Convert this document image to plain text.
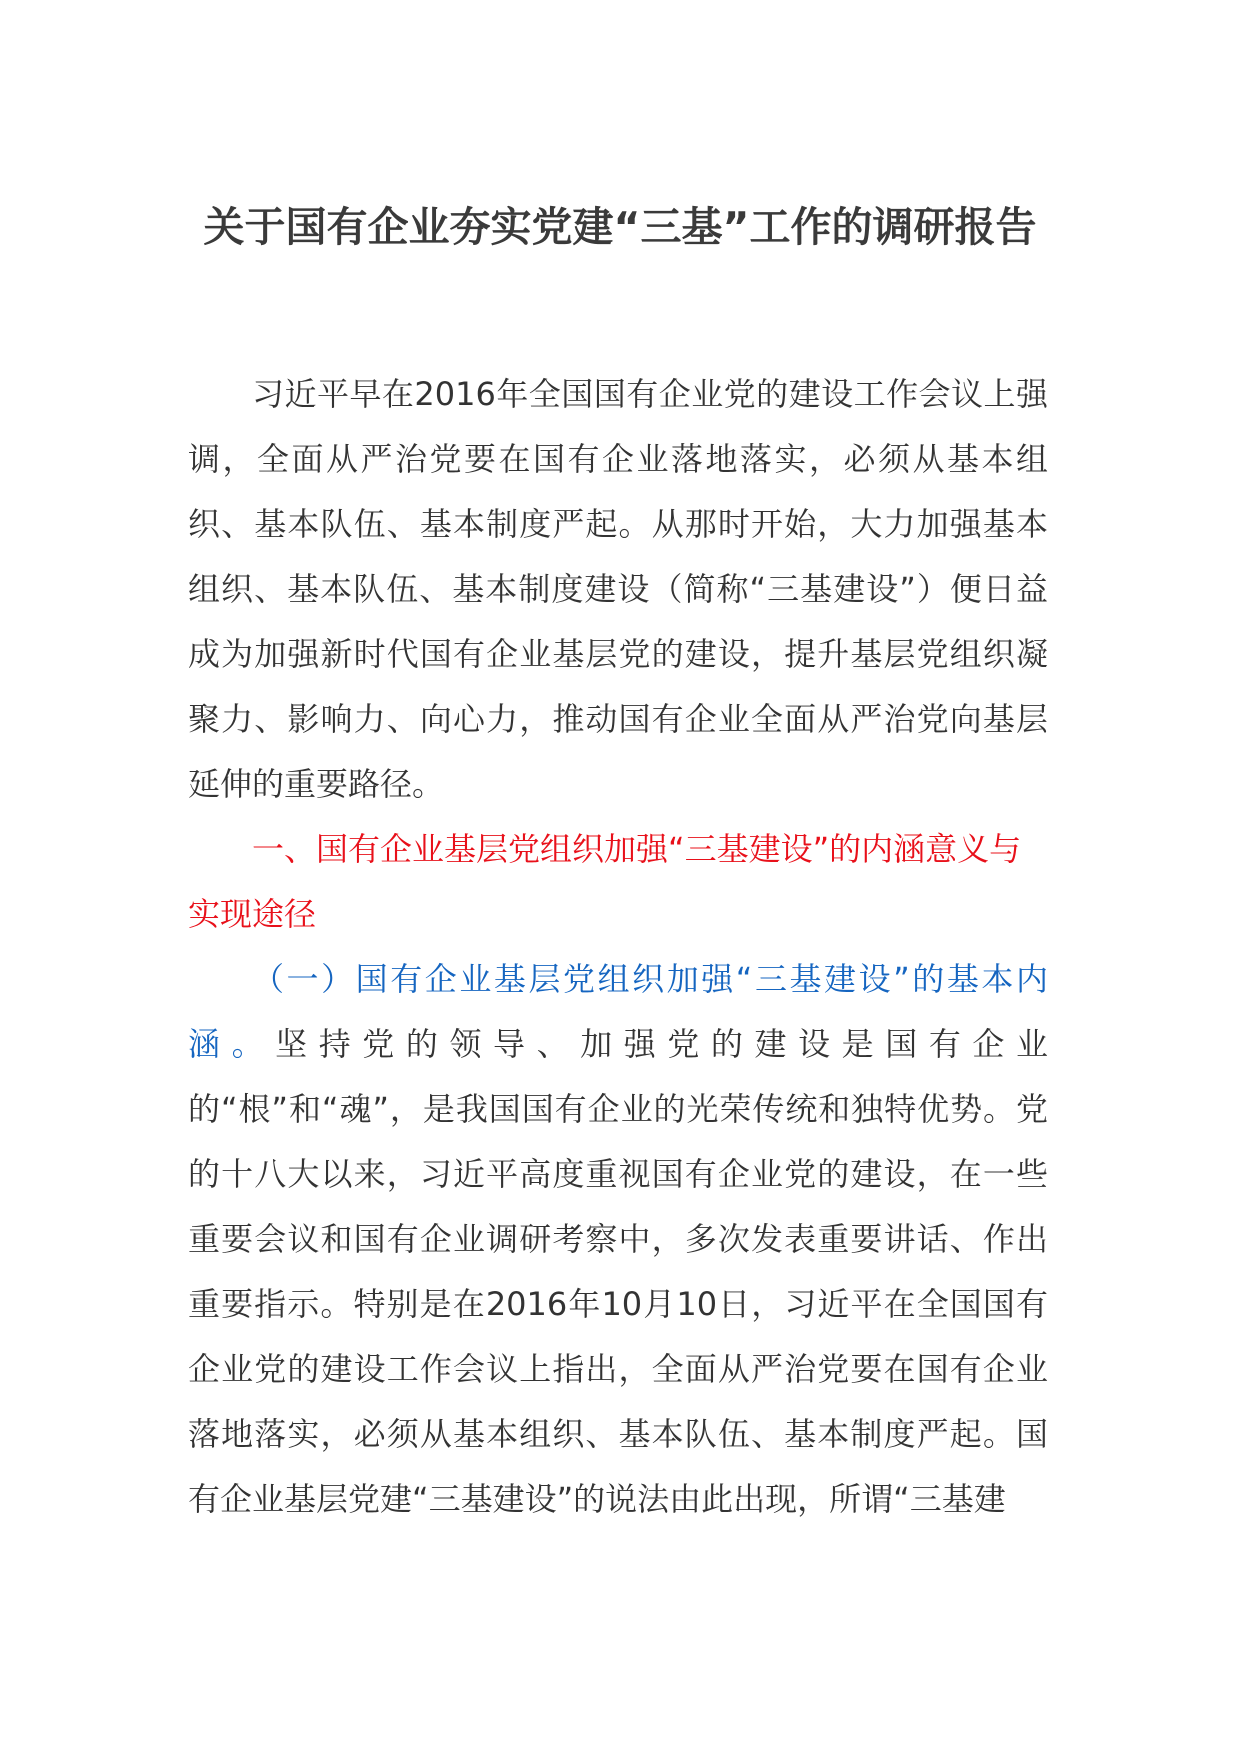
关于国有企业夯实党建“三基”工作的调研报告

习近平早在2016年全国国有企业党的建设工作会议上强调，全面从严治党要在国有企业落地落实，必须从基本组织、基本队伍、基本制度严起。从那时开始，大力加强基本组织、基本队伍、基本制度建设（简称“三基建设”）便日益成为加强新时代国有企业基层党的建设，提升基层党组织凝聚力、影响力、向心力，推动国有企业全面从严治党向基层延伸的重要路径。

一、国有企业基层党组织加强“三基建设”的内涵意义与实现途径

（一）国有企业基层党组织加强“三基建设”的基本内涵。坚持党的领导、加强党的建设是国有企业的“根”和“魂”，是我国国有企业的光荣传统和独特优势。党的十八大以来，习近平高度重视国有企业党的建设，在一些重要会议和国有企业调研考察中，多次发表重要讲话、作出重要指示。特别是在2016年10月10日，习近平在全国国有企业党的建设工作会议上指出，全面从严治党要在国有企业落地落实，必须从基本组织、基本队伍、基本制度严起。国有企业基层党建“三基建设”的说法由此出现，所谓“三基建
